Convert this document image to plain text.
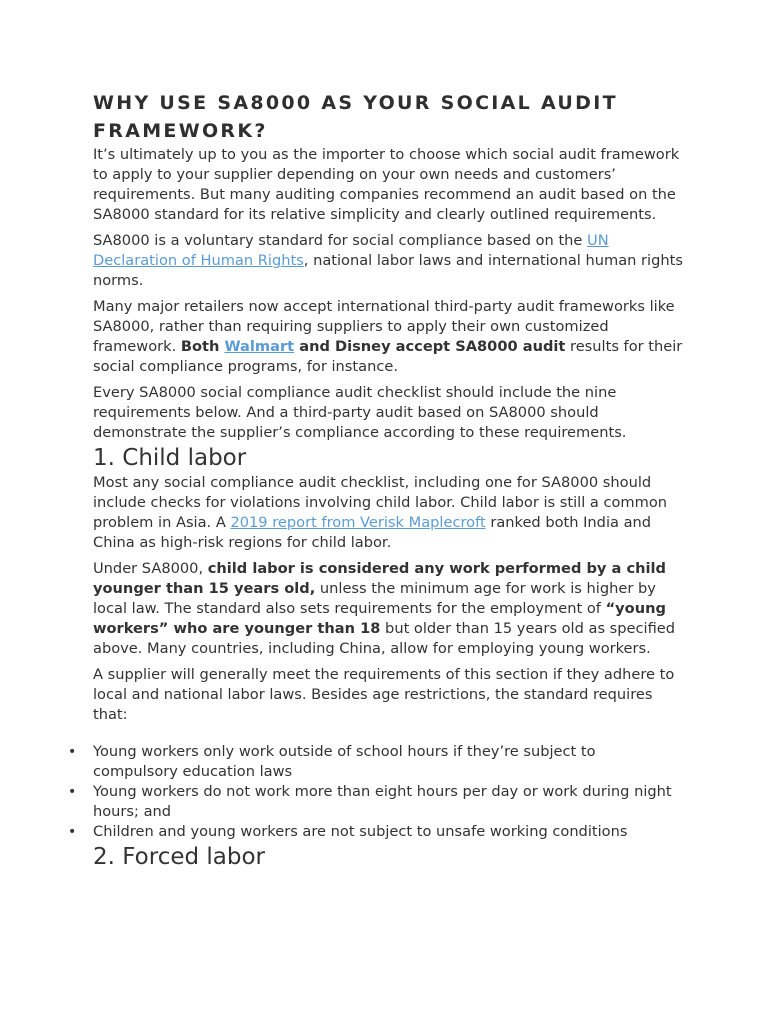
WHY USE SA8000 AS YOUR SOCIAL AUDIT FRAMEWORK?

It’s ultimately up to you as the importer to choose which social audit framework to apply to your supplier depending on your own needs and customers’ requirements. But many auditing companies recommend an audit based on the SA8000 standard for its relative simplicity and clearly outlined requirements.

SA8000 is a voluntary standard for social compliance based on the UN Declaration of Human Rights, national labor laws and international human rights norms.

Many major retailers now accept international third-party audit frameworks like SA8000, rather than requiring suppliers to apply their own customized framework. Both Walmart and Disney accept SA8000 audit results for their social compliance programs, for instance.

Every SA8000 social compliance audit checklist should include the nine requirements below. And a third-party audit based on SA8000 should demonstrate the supplier’s compliance according to these requirements.

1. Child labor

Most any social compliance audit checklist, including one for SA8000 should include checks for violations involving child labor. Child labor is still a common problem in Asia. A 2019 report from Verisk Maplecroft ranked both India and China as high-risk regions for child labor.

Under SA8000, child labor is considered any work performed by a child younger than 15 years old, unless the minimum age for work is higher by local law. The standard also sets requirements for the employment of “young workers” who are younger than 18 but older than 15 years old as specified above. Many countries, including China, allow for employing young workers.

A supplier will generally meet the requirements of this section if they adhere to local and national labor laws. Besides age restrictions, the standard requires that:

• Young workers only work outside of school hours if they’re subject to compulsory education laws
• Young workers do not work more than eight hours per day or work during night hours; and
• Children and young workers are not subject to unsafe working conditions
2. Forced labor
